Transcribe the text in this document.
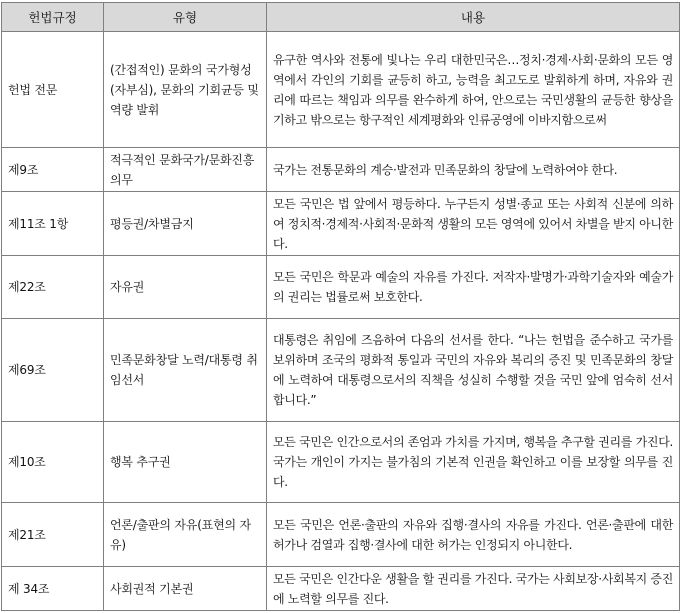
헌법규정	유형	내용
헌법 전문	(간접적인) 문화의 국가형성(자부심), 문화의 기회균등 및 역량 발휘	유구한 역사와 전통에 빛나는 우리 대한민국은…정치·경제·사회·문화의 모든 영역에서 각인의 기회를 균등히 하고, 능력을 최고도로 발휘하게 하며, 자유와 권리에 따르는 책임과 의무를 완수하게 하여, 안으로는 국민생활의 균등한 향상을 기하고 밖으로는 항구적인 세계평화와 인류공영에 이바지함으로써
제9조	적극적인 문화국가/문화진흥 의무	국가는 전통문화의 계승·발전과 민족문화의 창달에 노력하여야 한다.
제11조 1항	평등권/차별금지	모든 국민은 법 앞에서 평등하다. 누구든지 성별·종교 또는 사회적 신분에 의하여 정치적·경제적·사회적·문화적 생활의 모든 영역에 있어서 차별을 받지 아니한다.
제22조	자유권	모든 국민은 학문과 예술의 자유를 가진다. 저작자·발명가·과학기술자와 예술가의 권리는 법률로써 보호한다.
제69조	민족문화창달 노력/대통령 취임선서	대통령은 취임에 즈음하여 다음의 선서를 한다. “나는 헌법을 준수하고 국가를 보위하며 조국의 평화적 통일과 국민의 자유와 복리의 증진 및 민족문화의 창달에 노력하여 대통령으로서의 직책을 성실히 수행할 것을 국민 앞에 엄숙히 선서합니다.”
제10조	행복 추구권	모든 국민은 인간으로서의 존엄과 가치를 가지며, 행복을 추구할 권리를 가진다. 국가는 개인이 가지는 불가침의 기본적 인권을 확인하고 이를 보장할 의무를 진다.
제21조	언론/출판의 자유(표현의 자유)	모든 국민은 언론·출판의 자유와 집행·결사의 자유를 가진다. 언론·출판에 대한 허가나 검열과 집행·결사에 대한 허가는 인정되지 아니한다.
제 34조	사회권적 기본권	모든 국민은 인간다운 생활을 할 권리를 가진다. 국가는 사회보장·사회복지 증진에 노력할 의무를 진다.
